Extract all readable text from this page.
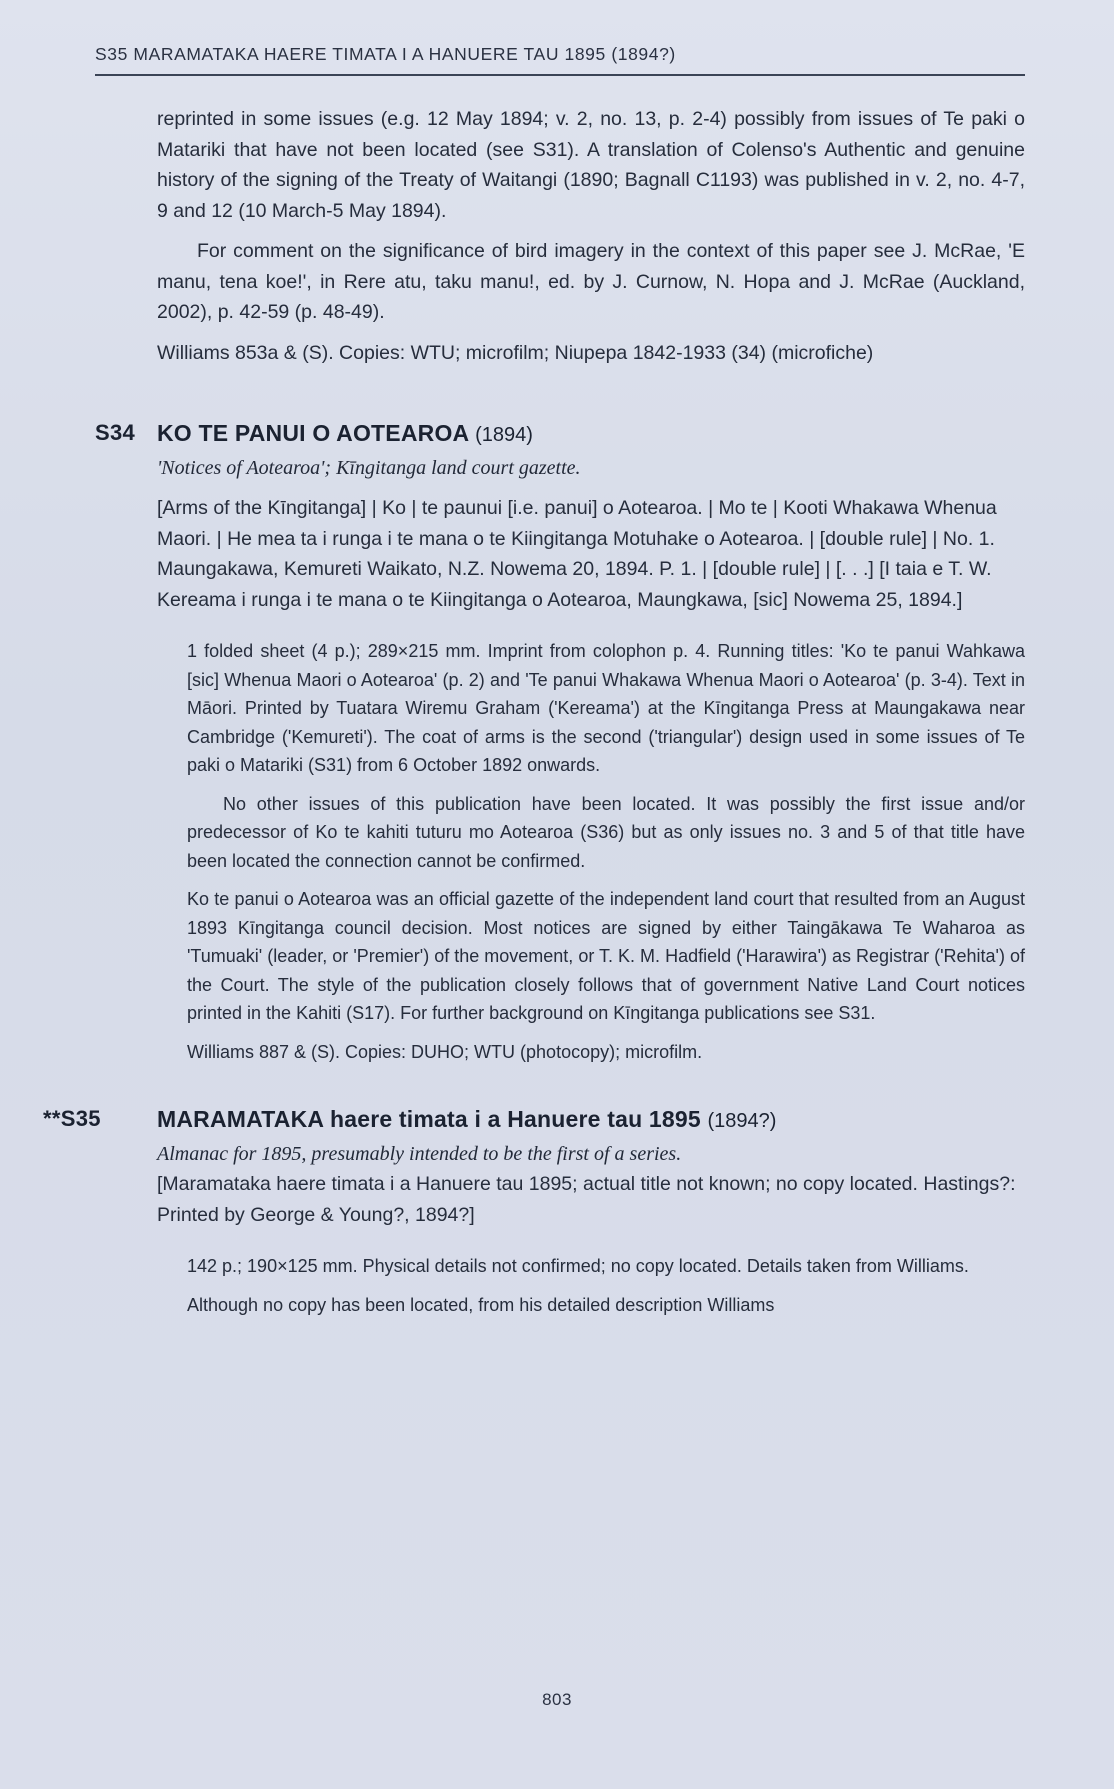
S35 MARAMATAKA HAERE TIMATA I A HANUERE TAU 1895 (1894?)

reprinted in some issues (e.g. 12 May 1894; v. 2, no. 13, p. 2-4) possibly from issues of Te paki o Matariki that have not been located (see S31). A translation of Colenso's Authentic and genuine history of the signing of the Treaty of Waitangi (1890; Bagnall C1193) was published in v. 2, no. 4-7, 9 and 12 (10 March-5 May 1894).

For comment on the significance of bird imagery in the context of this paper see J. McRae, 'E manu, tena koe!', in Rere atu, taku manu!, ed. by J. Curnow, N. Hopa and J. McRae (Auckland, 2002), p. 42-59 (p. 48-49).

Williams 853a & (S). Copies: WTU; microfilm; Niupepa 1842-1933 (34) (microfiche)

S34 KO TE PANUI O AOTEAROA (1894)

'Notices of Aotearoa'; Kīngitanga land court gazette.

[Arms of the Kīngitanga] | Ko | te paunui [i.e. panui] o Aotearoa. | Mo te | Kooti Whakawa Whenua Maori. | He mea ta i runga i te mana o te Kiingitanga Motuhake o Aotearoa. | [double rule] | No. 1. Maungakawa, Kemureti Waikato, N.Z. Nowema 20, 1894. P. 1. | [double rule] | [. . .] [I taia e T. W. Kereama i runga i te mana o te Kiingitanga o Aotearoa, Maungkawa, [sic] Nowema 25, 1894.]

1 folded sheet (4 p.); 289×215 mm. Imprint from colophon p. 4. Running titles: 'Ko te panui Wahkawa [sic] Whenua Maori o Aotearoa' (p. 2) and 'Te panui Whakawa Whenua Maori o Aotearoa' (p. 3-4). Text in Māori. Printed by Tuatara Wiremu Graham ('Kereama') at the Kīngitanga Press at Maungakawa near Cambridge ('Kemureti'). The coat of arms is the second ('triangular') design used in some issues of Te paki o Matariki (S31) from 6 October 1892 onwards.

No other issues of this publication have been located. It was possibly the first issue and/or predecessor of Ko te kahiti tuturu mo Aotearoa (S36) but as only issues no. 3 and 5 of that title have been located the connection cannot be confirmed.

Ko te panui o Aotearoa was an official gazette of the independent land court that resulted from an August 1893 Kīngitanga council decision. Most notices are signed by either Taingākawa Te Waharoa as 'Tumuaki' (leader, or 'Premier') of the movement, or T. K. M. Hadfield ('Harawira') as Registrar ('Rehita') of the Court. The style of the publication closely follows that of government Native Land Court notices printed in the Kahiti (S17). For further background on Kīngitanga publications see S31.

Williams 887 & (S). Copies: DUHO; WTU (photocopy); microfilm.

**S35 MARAMATAKA haere timata i a Hanuere tau 1895 (1894?)

Almanac for 1895, presumably intended to be the first of a series.

[Maramataka haere timata i a Hanuere tau 1895; actual title not known; no copy located. Hastings?: Printed by George & Young?, 1894?]

142 p.; 190×125 mm. Physical details not confirmed; no copy located. Details taken from Williams.

Although no copy has been located, from his detailed description Williams

803
